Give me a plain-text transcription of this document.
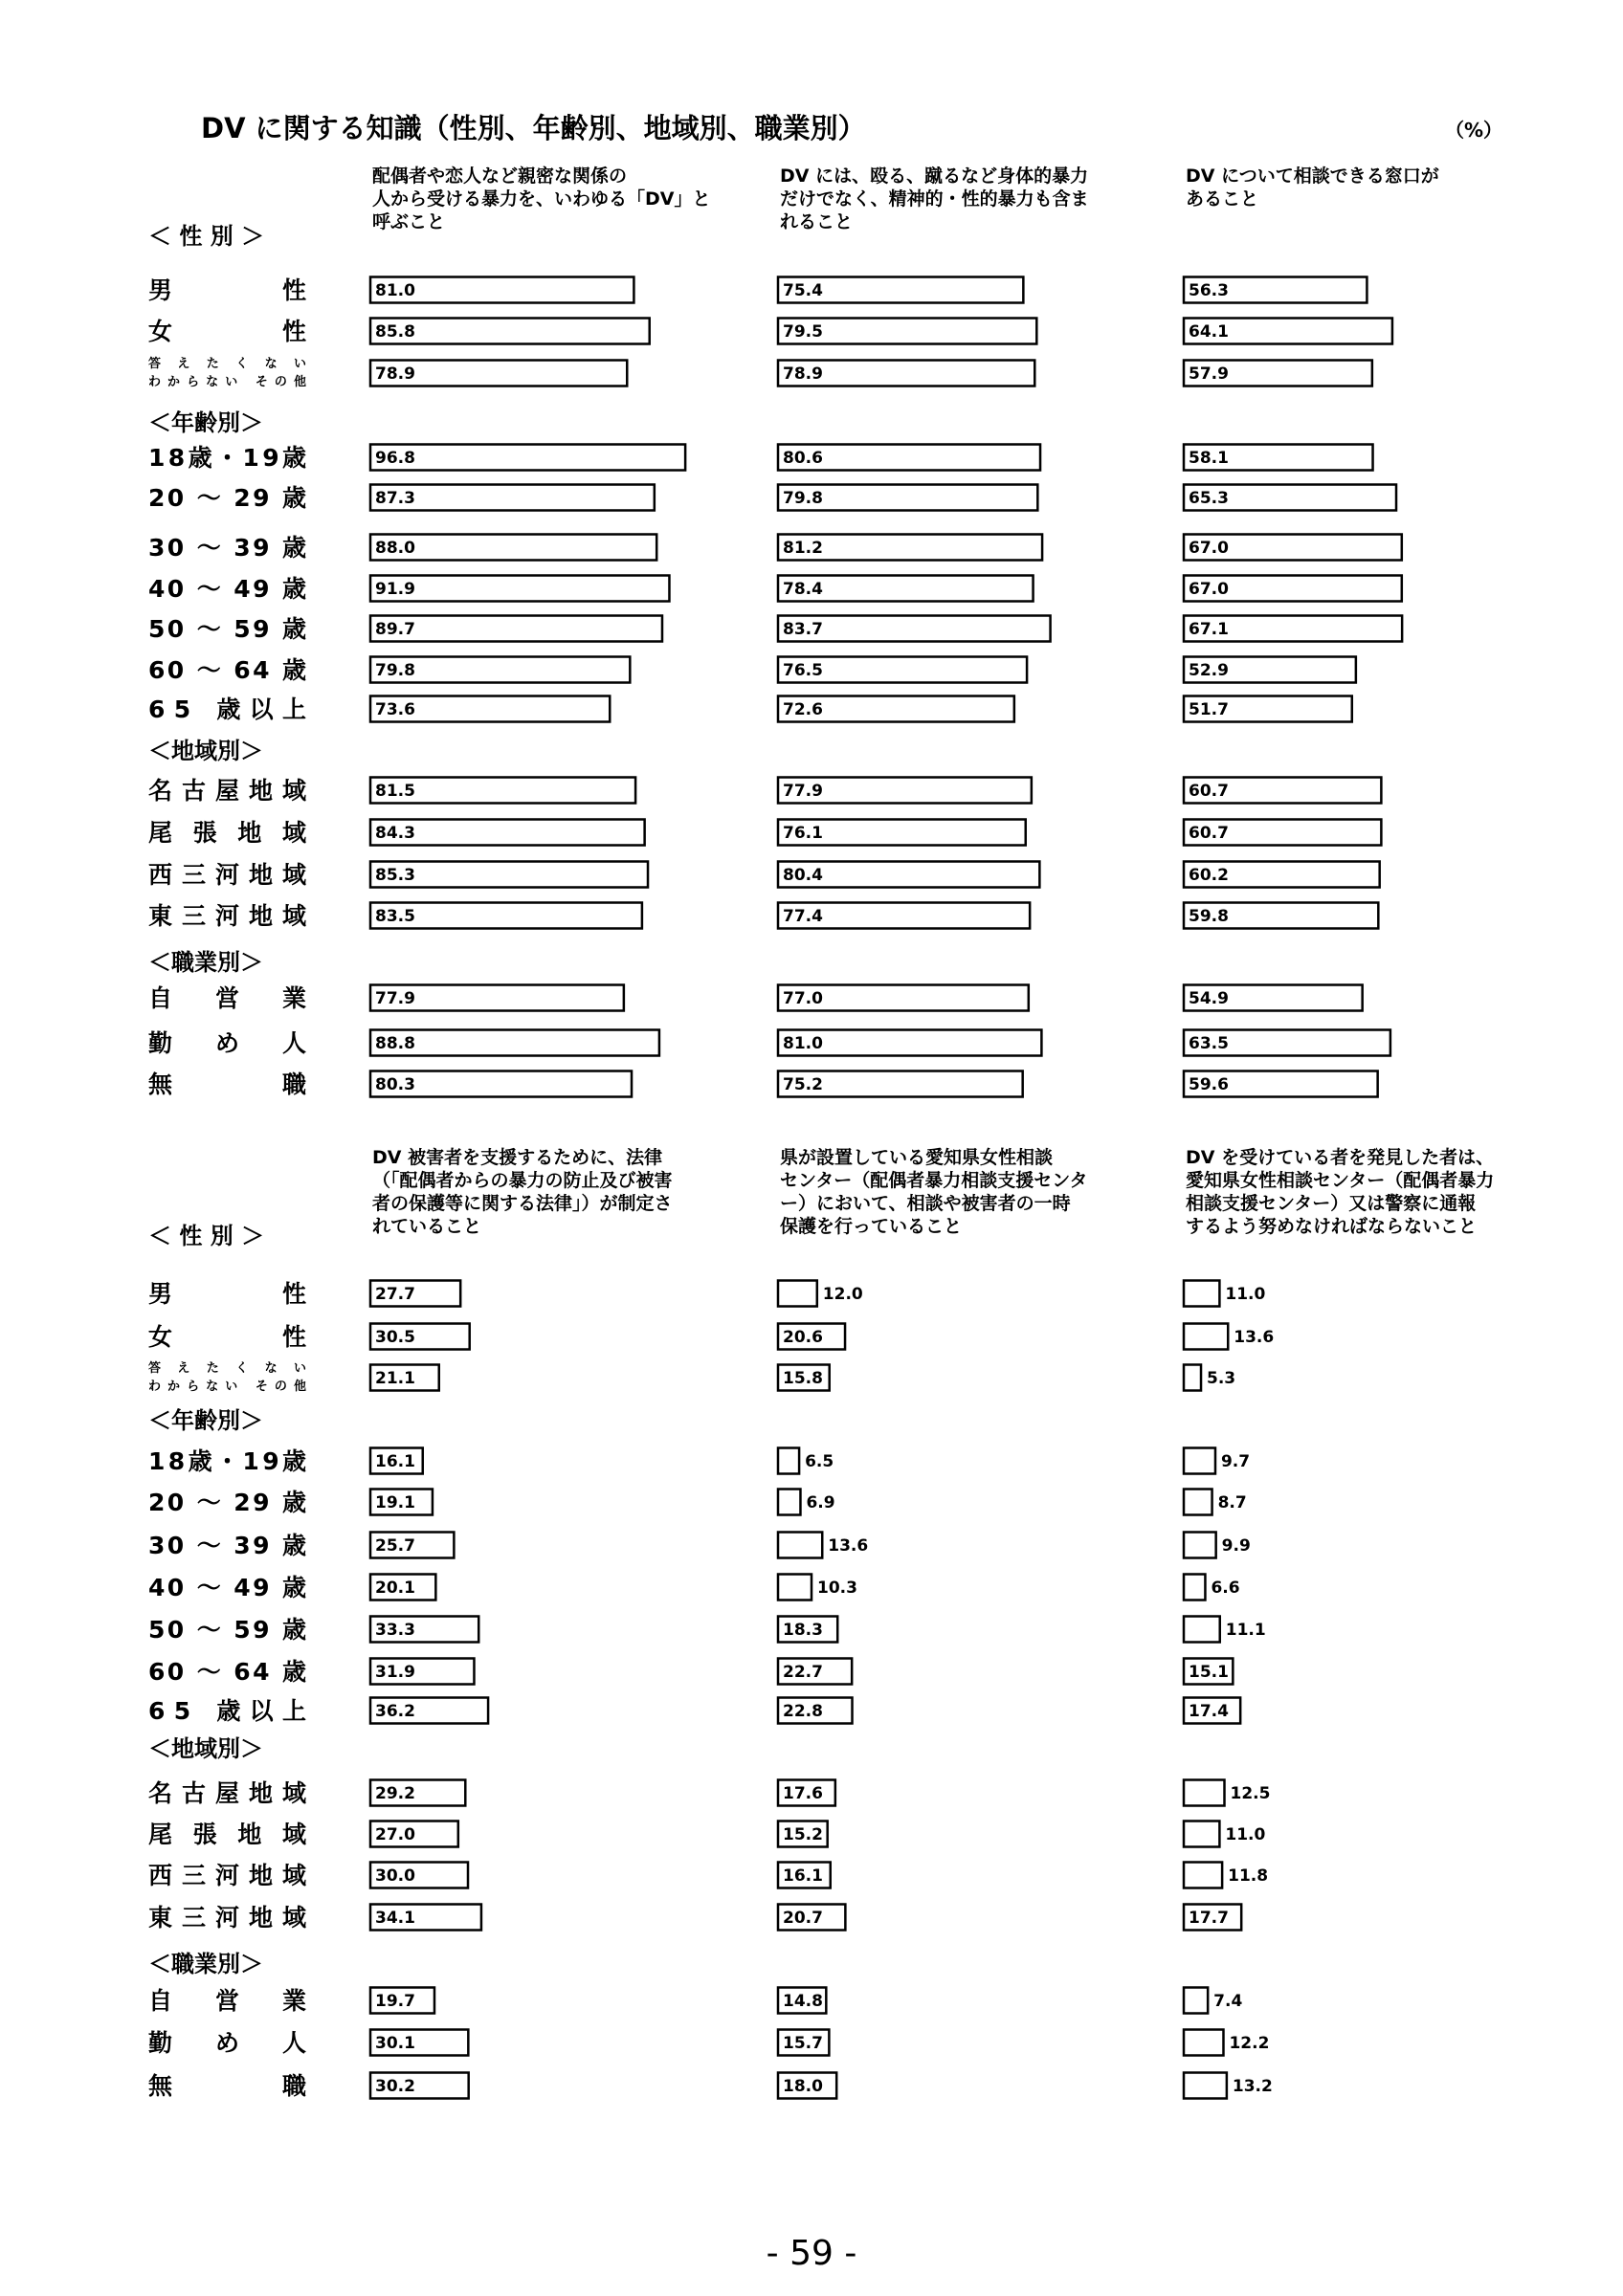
DV に関する知識（性別、年齢別、地域別、職業別）	（%）
配偶者や恋人など親密な関係の
人から受ける暴力を、いわゆる「DV」と
呼ぶこと
DV には、殴る、蹴るなど身体的暴力
だけでなく、精神的・性的暴力も含ま
れること
DV について相談できる窓口が
あること
＜ 性 別 ＞
男　　　性
女　　　性
答えたくない
わからない その他
＜年齢別＞
18歳・19歳
20 ～ 29 歳
30 ～ 39 歳
40 ～ 49 歳
50 ～ 59 歳
60 ～ 64 歳
65 歳以上
＜地域別＞
名古屋地域
尾 張 地 域
西三河地域
東三河地域
＜職業別＞
自　営　業
勤　め　人
無　　　職
81.0
85.8
78.9
96.8
87.3
88.0
91.9
89.7
79.8
73.6
81.5
84.3
85.3
83.5
77.9
88.8
80.3
75.4
79.5
78.9
80.6
79.8
81.2
78.4
83.7
76.5
72.6
77.9
76.1
80.4
77.4
77.0
81.0
75.2
56.3
64.1
57.9
58.1
65.3
67.0
67.0
67.1
52.9
51.7
60.7
60.7
60.2
59.8
54.9
63.5
59.6
DV 被害者を支援するために、法律
（「配偶者からの暴力の防止及び被害
者の保護等に関する法律」）が制定さ
れていること
県が設置している愛知県女性相談
センター（配偶者暴力相談支援センタ
ー）において、相談や被害者の一時
保護を行っていること
DV を受けている者を発見した者は、
愛知県女性相談センター（配偶者暴力
相談支援センター）又は警察に通報
するよう努めなければならないこと
＜ 性 別 ＞
男　　　性
女　　　性
答えたくない
わからない その他
＜年齢別＞
18歳・19歳
20 ～ 29 歳
30 ～ 39 歳
40 ～ 49 歳
50 ～ 59 歳
60 ～ 64 歳
65 歳以上
＜地域別＞
名古屋地域
尾 張 地 域
西三河地域
東三河地域
＜職業別＞
自　営　業
勤　め　人
無　　　職
27.7
30.5
21.1
16.1
19.1
25.7
20.1
33.3
31.9
36.2
29.2
27.0
30.0
34.1
19.7
30.1
30.2
12.0
20.6
15.8
6.5
6.9
13.6
10.3
18.3
22.7
22.8
17.6
15.2
16.1
20.7
14.8
15.7
18.0
11.0
13.6
5.3
9.7
8.7
9.9
6.6
11.1
15.1
17.4
12.5
11.0
11.8
17.7
7.4
12.2
13.2
- 59 -
